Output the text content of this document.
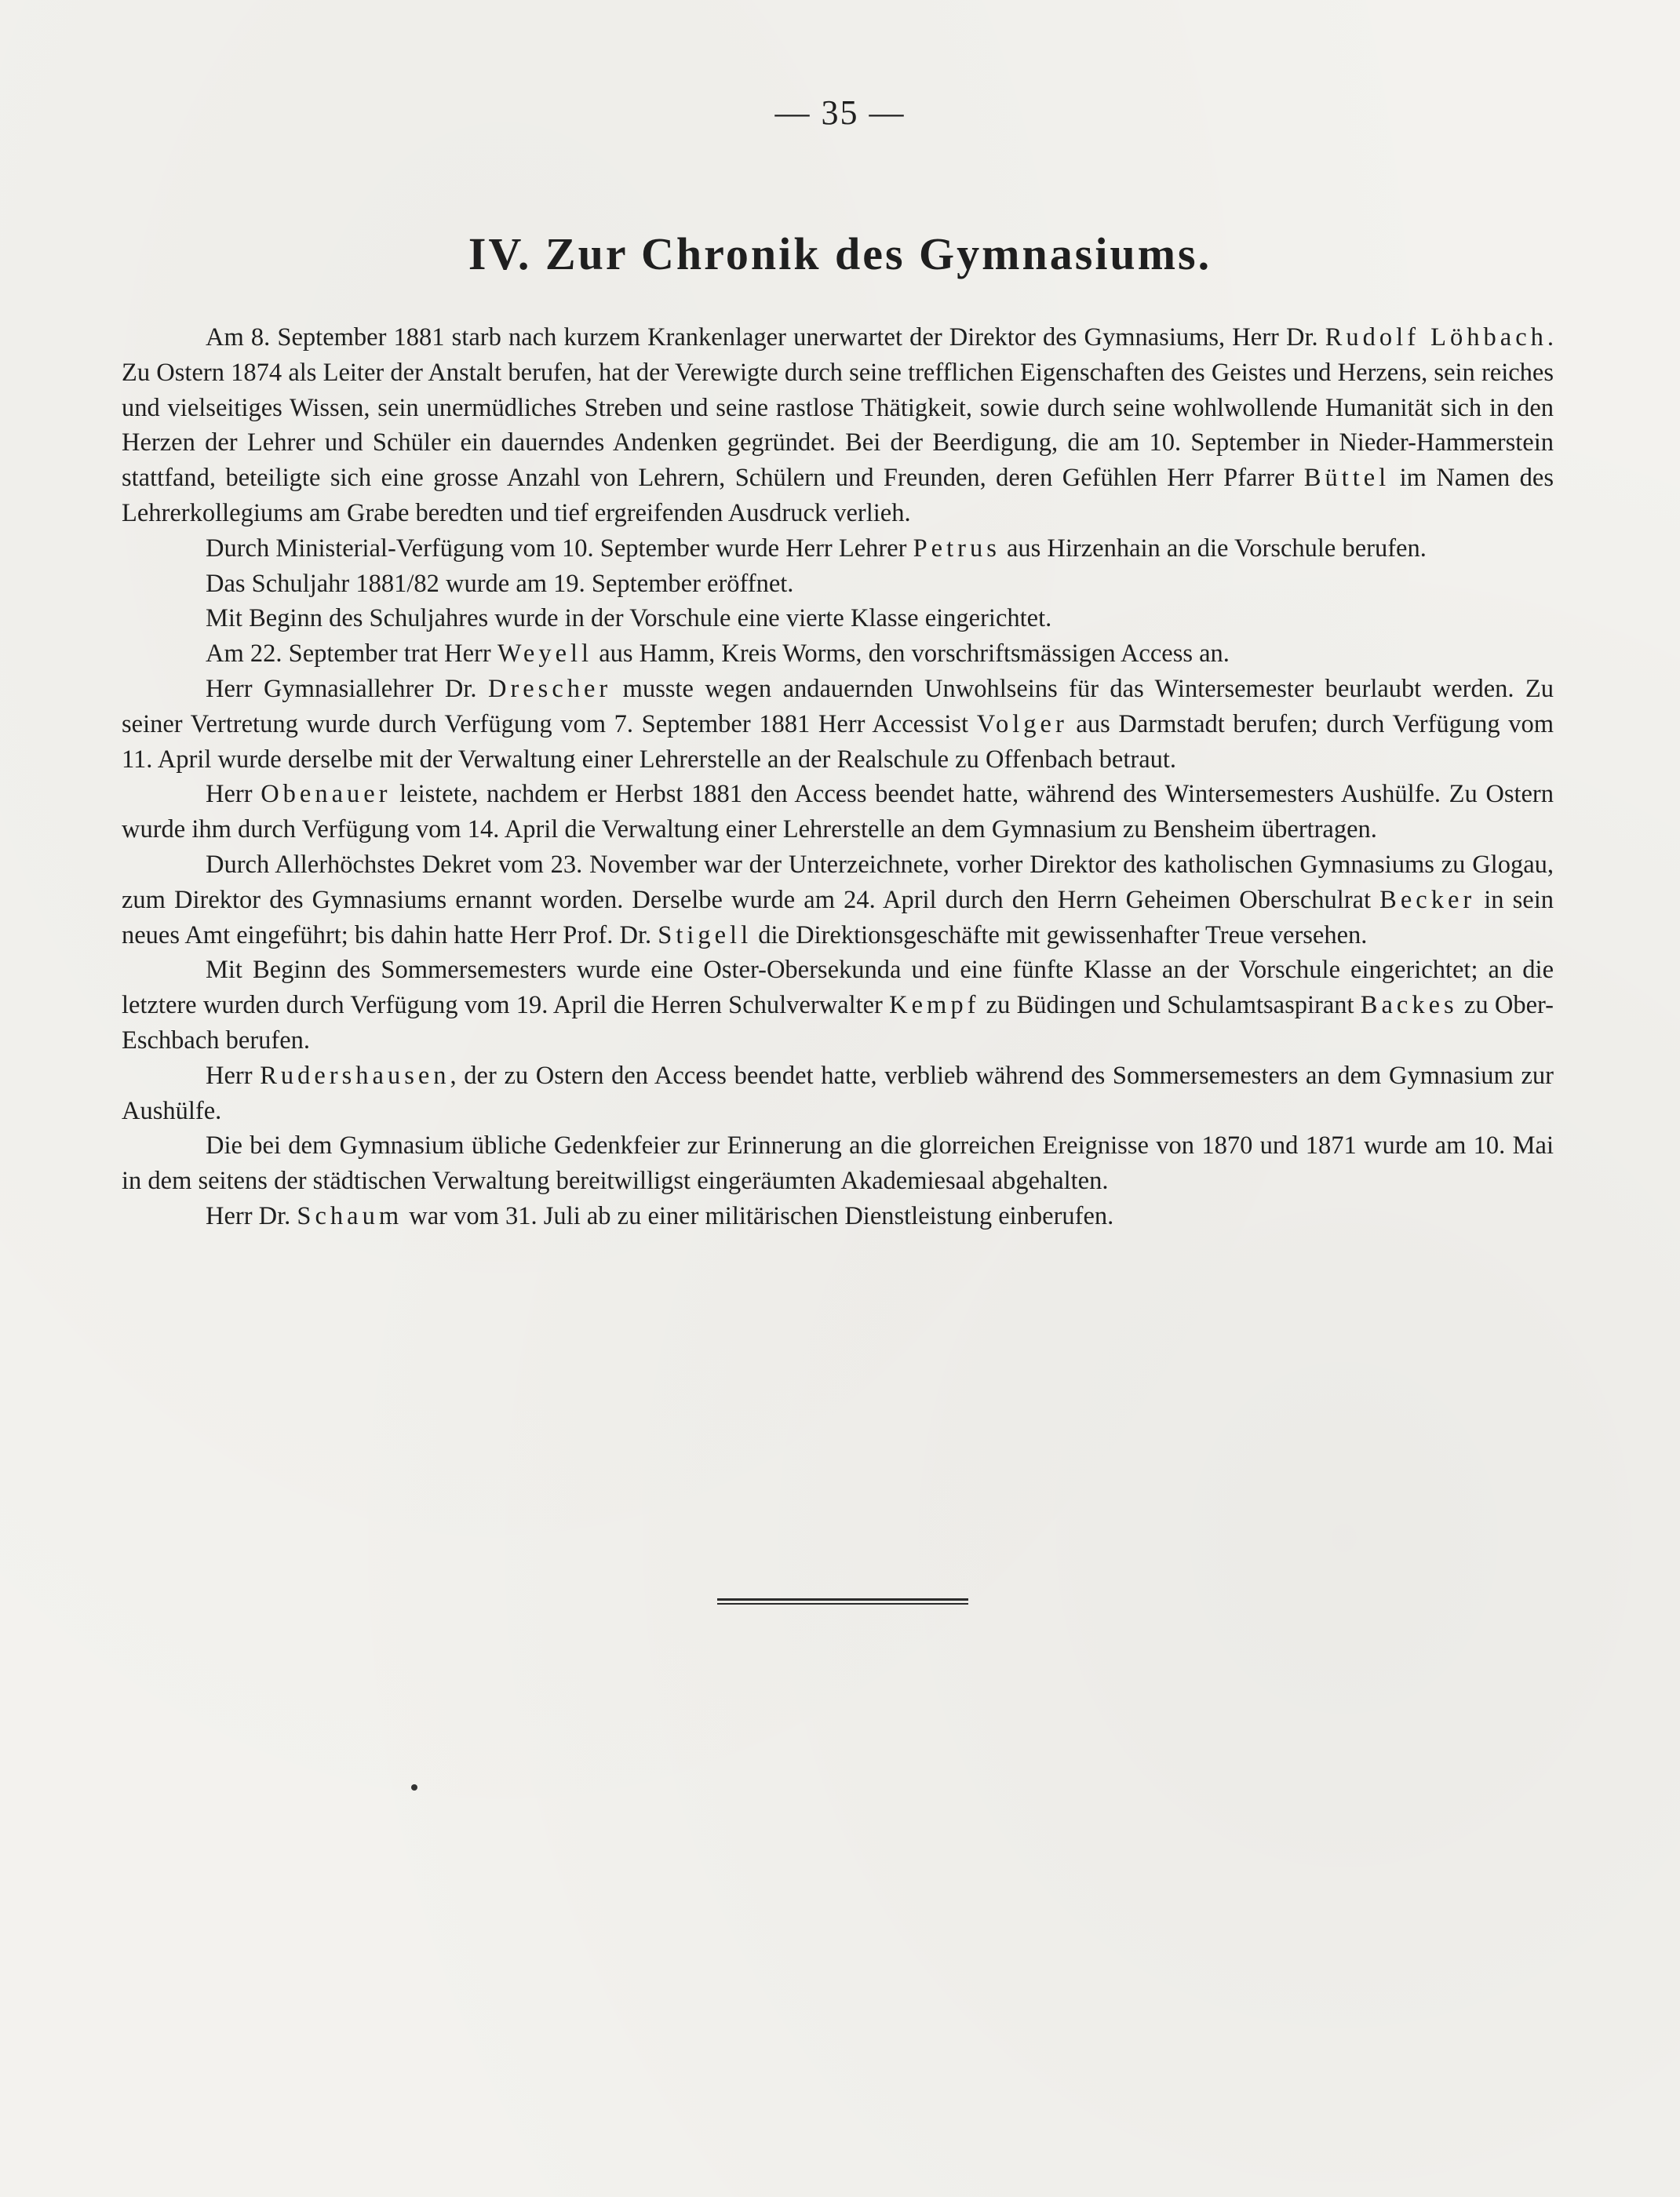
— 35 —
IV. Zur Chronik des Gymnasiums.

Am 8. September 1881 starb nach kurzem Krankenlager unerwartet der Direktor des Gymnasiums, Herr Dr. Rudolf Löhbach. Zu Ostern 1874 als Leiter der Anstalt berufen, hat der Verewigte durch seine trefflichen Eigenschaften des Geistes und Herzens, sein reiches und vielseitiges Wissen, sein unermüdliches Streben und seine rastlose Thätigkeit, sowie durch seine wohlwollende Humanität sich in den Herzen der Lehrer und Schüler ein dauerndes Andenken gegründet. Bei der Beerdigung, die am 10. September in Nieder-Hammerstein stattfand, beteiligte sich eine grosse Anzahl von Lehrern, Schülern und Freunden, deren Gefühlen Herr Pfarrer Büttel im Namen des Lehrerkollegiums am Grabe beredten und tief ergreifenden Ausdruck verlieh.

Durch Ministerial-Verfügung vom 10. September wurde Herr Lehrer Petrus aus Hirzenhain an die Vorschule berufen.

Das Schuljahr 1881/82 wurde am 19. September eröffnet.

Mit Beginn des Schuljahres wurde in der Vorschule eine vierte Klasse eingerichtet.

Am 22. September trat Herr Weyell aus Hamm, Kreis Worms, den vorschriftsmässigen Access an.

Herr Gymnasiallehrer Dr. Drescher musste wegen andauernden Unwohlseins für das Wintersemester beurlaubt werden. Zu seiner Vertretung wurde durch Verfügung vom 7. September 1881 Herr Accessist Volger aus Darmstadt berufen; durch Verfügung vom 11. April wurde derselbe mit der Verwaltung einer Lehrerstelle an der Realschule zu Offenbach betraut.

Herr Obenauer leistete, nachdem er Herbst 1881 den Access beendet hatte, während des Wintersemesters Aushülfe. Zu Ostern wurde ihm durch Verfügung vom 14. April die Verwaltung einer Lehrerstelle an dem Gymnasium zu Bensheim übertragen.

Durch Allerhöchstes Dekret vom 23. November war der Unterzeichnete, vorher Direktor des katholischen Gymnasiums zu Glogau, zum Direktor des Gymnasiums ernannt worden. Derselbe wurde am 24. April durch den Herrn Geheimen Oberschulrat Becker in sein neues Amt eingeführt; bis dahin hatte Herr Prof. Dr. Stigell die Direktionsgeschäfte mit gewissenhafter Treue versehen.

Mit Beginn des Sommersemesters wurde eine Oster-Obersekunda und eine fünfte Klasse an der Vorschule eingerichtet; an die letztere wurden durch Verfügung vom 19. April die Herren Schulverwalter Kempf zu Büdingen und Schulamtsaspirant Backes zu Ober-Eschbach berufen.

Herr Rudershausen, der zu Ostern den Access beendet hatte, verblieb während des Sommersemesters an dem Gymnasium zur Aushülfe.

Die bei dem Gymnasium übliche Gedenkfeier zur Erinnerung an die glorreichen Ereignisse von 1870 und 1871 wurde am 10. Mai in dem seitens der städtischen Verwaltung bereitwilligst eingeräumten Akademiesaal abgehalten.

Herr Dr. Schaum war vom 31. Juli ab zu einer militärischen Dienstleistung einberufen.
